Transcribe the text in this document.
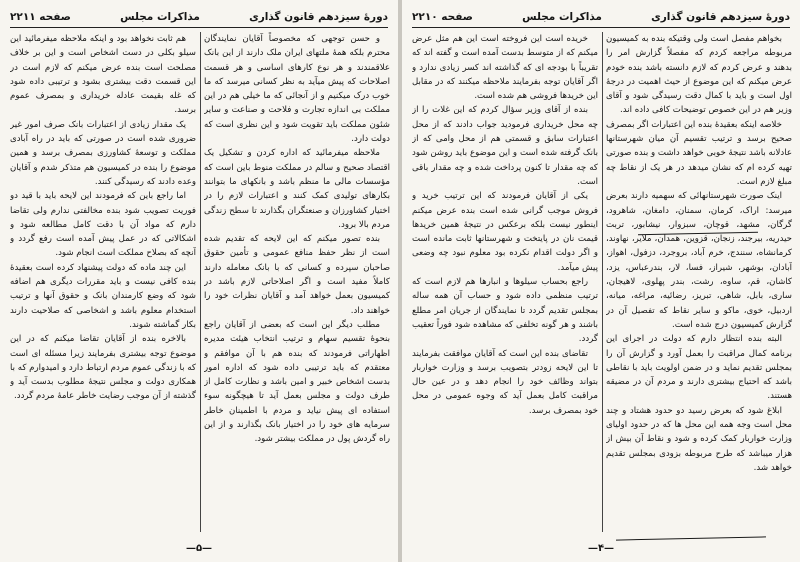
دورهٔ سیزدهم قانون گذاری
مذاکرات مجلس
صفحه ۲۲۱۱

و حسن توجهی که مخصوصاً آقایان نمایندگان محترم بلکه همهٔ ملتهای ایران ملک دارند از این بانک علاقمندند و هر نوع کارهای اساسی و هر قسمت اصلاحات که پیش میآید به نظر کسانی میرسد که ما خوب درک میکنیم و از آنجائی که ما خیلی هم در این مملکت بی اندازه تجارت و فلاحت و صناعت و سایر شئون مملکت باید تقویت شود و این نظری است که دولت دارد.

ملاحظه میفرمائید که اداره کردن و تشکیل یک اقتصاد صحیح و سالم در مملکت منوط باین است که مؤسسات مالی ما منظم باشد و بانکهای ما بتوانند بکارهای تولیدی کمک کنند و اعتبارات لازم را در اختیار کشاورزان و صنعتگران بگذارند تا سطح زندگی مردم بالا برود.

بنده تصور میکنم که این لایحه که تقدیم شده است از نظر حفظ منافع عمومی و تأمین حقوق صاحبان سپرده و کسانی که با بانک معامله دارند کاملاً مفید است و اگر اصلاحاتی لازم باشد در کمیسیون بعمل خواهد آمد و آقایان نظرات خود را خواهند داد.

مطلب دیگر این است که بعضی از آقایان راجع بنحوهٔ تقسیم سهام و ترتیب انتخاب هیئت مدیره اظهاراتی فرمودند که بنده هم با آن موافقم و معتقدم که باید ترتیبی داده شود که اداره امور بدست اشخاص خبیر و امین باشد و نظارت کامل از طرف دولت و مجلس بعمل آید تا هیچگونه سوء استفاده ای پیش نیاید و مردم با اطمینان خاطر سرمایه های خود را در اختیار بانک بگذارند و از این راه گردش پول در مملکت بیشتر شود.

هم ثابت نخواهد بود و اینکه ملاحظه میفرمائید این سیلو بکلی در دست اشخاص است و این بر خلاف مصلحت است بنده عرض میکنم که لازم است در این قسمت دقت بیشتری بشود و ترتیبی داده شود که غله بقیمت عادله خریداری و بمصرف عموم برسد.

یک مقدار زیادی از اعتبارات بانک صرف امور غیر ضروری شده است در صورتی که باید در راه آبادی مملکت و توسعهٔ کشاورزی بمصرف برسد و همین موضوع را بنده در کمیسیون هم متذکر شدم و آقایان وعده دادند که رسیدگی کنند.

اما راجع باین که فرمودند این لایحه باید با قید دو فوریت تصویب شود بنده مخالفتی ندارم ولی تقاضا دارم که مواد آن با دقت کامل مطالعه شود و اشکالاتی که در عمل پیش آمده است رفع گردد و آنچه که بصلاح مملکت است انجام شود.

این چند ماده که دولت پیشنهاد کرده است بعقیدهٔ بنده کافی نیست و باید مقررات دیگری هم اضافه شود که وضع کارمندان بانک و حقوق آنها و ترتیب استخدام معلوم باشد و اشخاصی که صلاحیت دارند بکار گماشته شوند.

بالاخره بنده از آقایان تقاضا میکنم که در این موضوع توجه بیشتری بفرمایند زیرا مسئله ای است که با زندگی عموم مردم ارتباط دارد و امیدوارم که با همکاری دولت و مجلس نتیجهٔ مطلوب بدست آید و گذشته از آن موجب رضایت خاطر عامهٔ مردم گردد.

—۵—
دورهٔ سیزدهم قانون گذاری
مذاکرات مجلس
صفحه ۲۲۱۰

بخواهم مفصل است ولی وقتیکه بنده به کمیسیون مربوطه مراجعه کردم که مفصلاً گزارش امر را بدهند و عرض کردم که لازم دانسته باشد بنده خودم عرض میکنم که این موضوع از حیث اهمیت در درجهٔ اول است و باید با کمال دقت رسیدگی شود و آقای وزیر هم در این خصوص توضیحات کافی داده اند.

خلاصه اینکه بعقیدهٔ بنده این اعتبارات اگر بمصرف صحیح برسد و ترتیب تقسیم آن میان شهرستانها عادلانه باشد نتیجهٔ خوبی خواهد داشت و بنده صورتی تهیه کرده ام که نشان میدهد در هر یک از نقاط چه مبلغ لازم است.

اینک صورت شهرستانهائی که سهمیه دارند بعرض میرسد: اراک، کرمان، سمنان، دامغان، شاهرود، گرگان، مشهد، قوچان، سبزوار، نیشابور، تربت حیدریه، بیرجند، زنجان، قزوین، همدان، ملایر، نهاوند، کرمانشاه، سنندج، خرم آباد، بروجرد، دزفول، اهواز، آبادان، بوشهر، شیراز، فسا، لار، بندرعباس، یزد، کاشان، قم، ساوه، رشت، بندر پهلوی، لاهیجان، ساری، بابل، شاهی، تبریز، رضائیه، مراغه، میانه، اردبیل، خوی، ماکو و سایر نقاط که تفصیل آن در گزارش کمیسیون درج شده است.

البته بنده انتظار دارم که دولت در اجرای این برنامه کمال مراقبت را بعمل آورد و گزارش آن را بمجلس تقدیم نماید و در ضمن اولویت باید با نقاطی باشد که احتیاج بیشتری دارند و مردم آن در مضیقه هستند.

ابلاغ شود که بعرض رسید دو حدود هشتاد و چند محل است وجه همه این محل ها که در حدود اولیای وزارت خواربار کمک کرده و شود و نقاط آن بیش از هزار میباشد که طرح مربوطه بزودی بمجلس تقدیم خواهد شد.

خریده است این فروخته است این هم مثل عرض میکنم که از متوسط بدست آمده است و گفته اند که تقریباً با بودجه ای که گذاشته اند کسر زیادی ندارد و اگر آقایان توجه بفرمایند ملاحظه میکنند که در مقابل این خریدها فروشی هم شده است.

بنده از آقای وزیر سؤال کردم که این غلات را از چه محل خریداری فرمودید جواب دادند که از محل اعتبارات سابق و قسمتی هم از محل وامی که از بانک گرفته شده است و این موضوع باید روشن شود که چه مقدار تا کنون پرداخت شده و چه مقدار باقی است.

یکی از آقایان فرمودند که این ترتیب خرید و فروش موجب گرانی شده است بنده عرض میکنم اینطور نیست بلکه برعکس در نتیجهٔ همین خریدها قیمت نان در پایتخت و شهرستانها ثابت مانده است و اگر دولت اقدام نکرده بود معلوم نبود چه وضعی پیش میآمد.

راجع بحساب سیلوها و انبارها هم لازم است که ترتیب منظمی داده شود و حساب آن همه ساله بمجلس تقدیم گردد تا نمایندگان از جریان امر مطلع باشند و هر گونه تخلفی که مشاهده شود فوراً تعقیب گردد.

تقاضای بنده این است که آقایان موافقت بفرمایند تا این لایحه زودتر بتصویب برسد و وزارت خواربار بتواند وظائف خود را انجام دهد و در عین حال مراقبت کامل بعمل آید که وجوه عمومی در محل خود بمصرف برسد.

—۴—
